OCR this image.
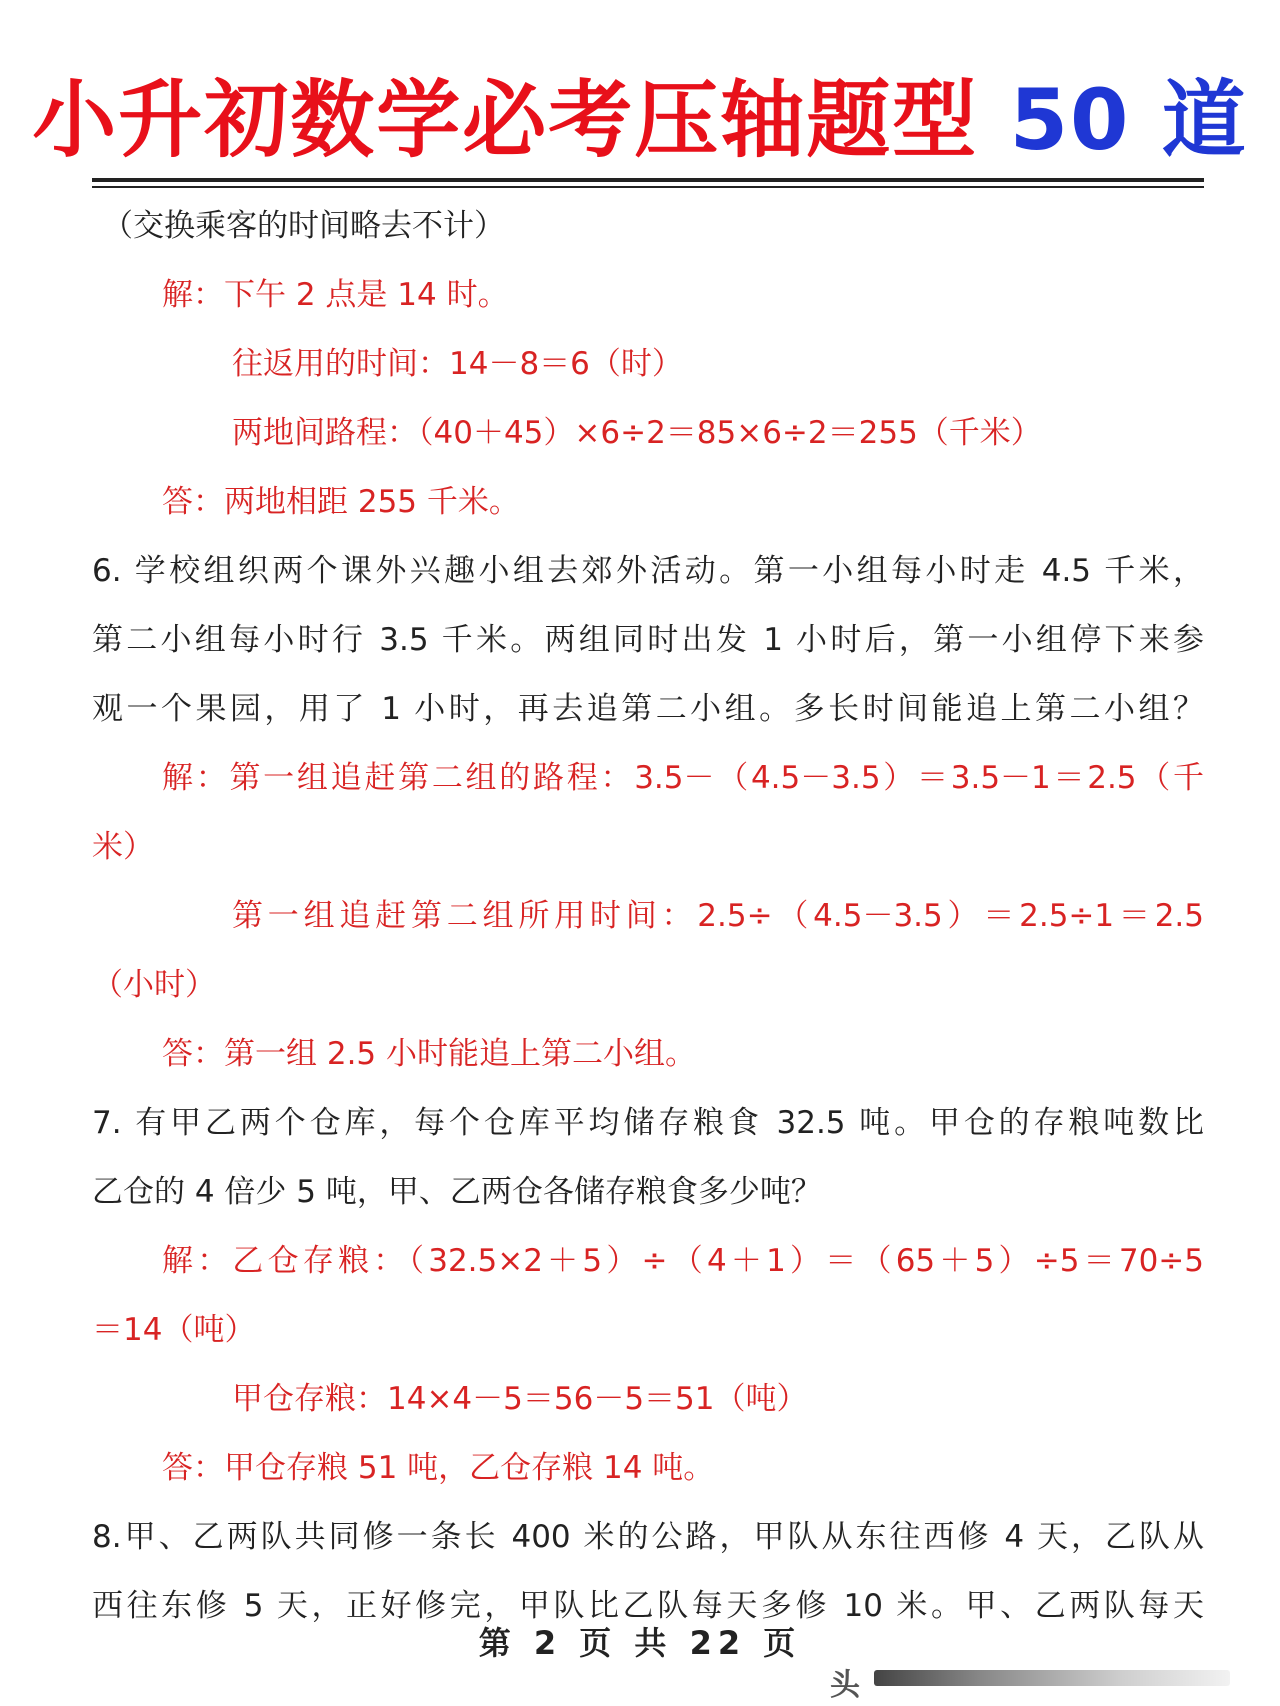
小升初数学必考压轴题型 50 道
（交换乘客的时间略去不计）
解：下午 2 点是 14 时。
往返用的时间：14－8＝6（时）
两地间路程：（40＋45）×6÷2＝85×6÷2＝255（千米）
答：两地相距 255 千米。
6. 学校组织两个课外兴趣小组去郊外活动。第一小组每小时走 4.5 千米，
第二小组每小时行 3.5 千米。两组同时出发 1 小时后，第一小组停下来参
观一个果园，用了 1 小时，再去追第二小组。多长时间能追上第二小组？
解：第一组追赶第二组的路程：3.5－（4.5－3.5）＝3.5－1＝2.5（千
米）
第一组追赶第二组所用时间：2.5÷（4.5－3.5）＝2.5÷1＝2.5
（小时）
答：第一组 2.5 小时能追上第二小组。
7. 有甲乙两个仓库，每个仓库平均储存粮食 32.5 吨。甲仓的存粮吨数比
乙仓的 4 倍少 5 吨，甲、乙两仓各储存粮食多少吨？
解：乙仓存粮：（32.5×2＋5）÷（4＋1）＝（65＋5）÷5＝70÷5
＝14（吨）
甲仓存粮：14×4－5＝56－5＝51（吨）
答：甲仓存粮 51 吨，乙仓存粮 14 吨。
8.甲、乙两队共同修一条长 400 米的公路，甲队从东往西修 4 天，乙队从
西往东修 5 天，正好修完，甲队比乙队每天多修 10 米。甲、乙两队每天
第 2 页 共 22 页
头
